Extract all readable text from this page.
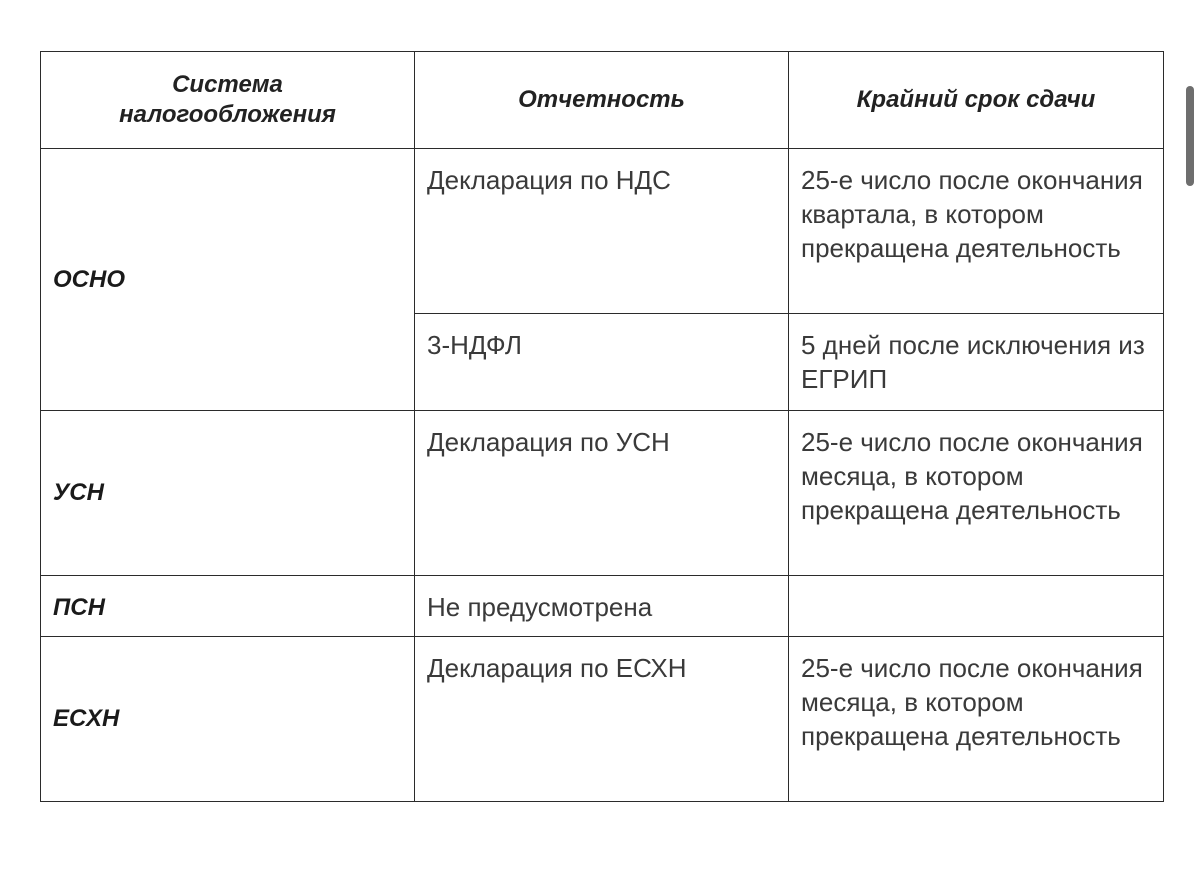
Система налогообложения	Отчетность	Крайний срок сдачи
ОСНО	Декларация по НДС	25-е число после окончания квартала, в котором прекращена деятельность
	3-НДФЛ	5 дней после исключения из ЕГРИП
УСН	Декларация по УСН	25-е число после окончания месяца, в котором прекращена деятельность
ПСН	Не предусмотрена	
ЕСХН	Декларация по ЕСХН	25-е число после окончания месяца, в котором прекращена деятельность
